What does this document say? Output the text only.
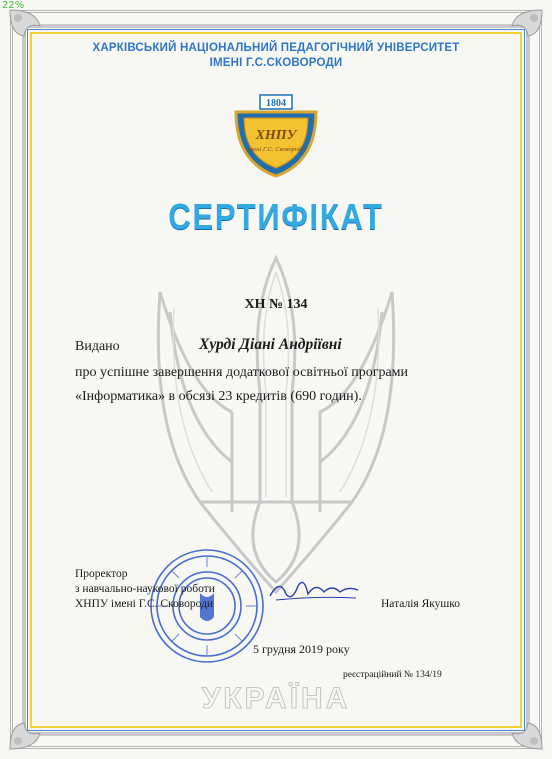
22%
ХАРКІВСЬКИЙ НАЦІОНАЛЬНИЙ ПЕДАГОГІЧНИЙ УНІВЕРСИТЕТ
ІМЕНІ Г.С.СКОВОРОДИ
1804
ХНПУ
імені Г.С. Сковороди
СЕРТИФІКАТ
УКРАЇНА
ХН № 134
Видано	Хурді Діані Андріївні
про успішне завершення додаткової освітньої програми
«Інформатика» в обсязі 23 кредитів (690 годин).
Проректор
з навчально-наукової роботи
ХНПУ імені Г.С. Сковороди	Наталія Якушко
5 грудня 2019 року
реєстраційний № 134/19
